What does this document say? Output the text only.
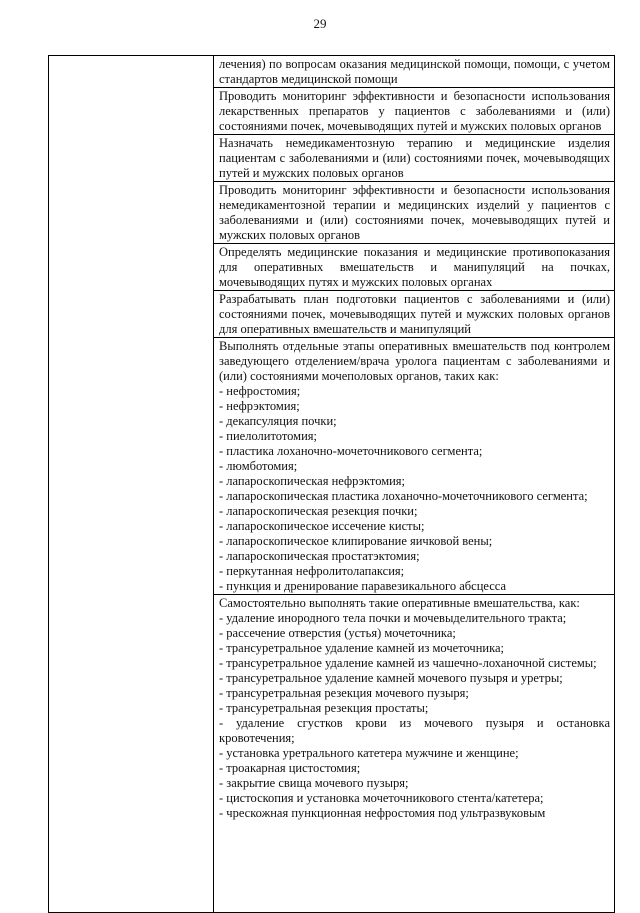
29
лечения) по вопросам оказания медицинской помощи, помощи, с учетом стандартов медицинской помощи
Проводить мониторинг эффективности и безопасности использования лекарственных препаратов у пациентов с заболеваниями и (или) состояниями почек, мочевыводящих путей и мужских половых органов
Назначать немедикаментозную терапию и медицинские изделия пациентам с заболеваниями и (или) состояниями почек, мочевыводящих путей и мужских половых органов
Проводить мониторинг эффективности и безопасности использования немедикаментозной терапии и медицинских изделий у пациентов с заболеваниями и (или) состояниями почек, мочевыводящих путей и мужских половых органов
Определять медицинские показания и медицинские противопоказания для оперативных вмешательств и манипуляций на почках, мочевыводящих путях и мужских половых органах
Разрабатывать план подготовки пациентов с заболеваниями и (или) состояниями почек, мочевыводящих путей и мужских половых органов для оперативных вмешательств и манипуляций
Выполнять отдельные этапы оперативных вмешательств под контролем заведующего отделением/врача уролога пациентам с заболеваниями и (или) состояниями мочеполовых органов, таких как:
- нефростомия;
- нефрэктомия;
- декапсуляция почки;
- пиелолитотомия;
- пластика лоханочно-мочеточникового сегмента;
- люмботомия;
- лапароскопическая нефрэктомия;
- лапароскопическая пластика лоханочно-мочеточникового сегмента;
- лапароскопическая резекция почки;
- лапароскопическое иссечение кисты;
- лапароскопическое клипирование яичковой вены;
- лапароскопическая простатэктомия;
- перкутанная нефролитолапаксия;
- пункция и дренирование паравезикального абсцесса
Самостоятельно выполнять такие оперативные вмешательства, как:
- удаление инородного тела почки и мочевыделительного тракта;
- рассечение отверстия (устья) мочеточника;
- трансуретральное удаление камней из мочеточника;
- трансуретральное удаление камней из чашечно-лоханочной системы;
- трансуретральное удаление камней мочевого пузыря и уретры;
- трансуретральная резекция мочевого пузыря;
- трансуретральная резекция простаты;
- удаление сгустков крови из мочевого пузыря и остановка кровотечения;
- установка уретрального катетера мужчине и женщине;
- троакарная цистостомия;
- закрытие свища мочевого пузыря;
- цистоскопия и установка мочеточникового стента/катетера;
- чрескожная пункционная нефростомия под ультразвуковым
